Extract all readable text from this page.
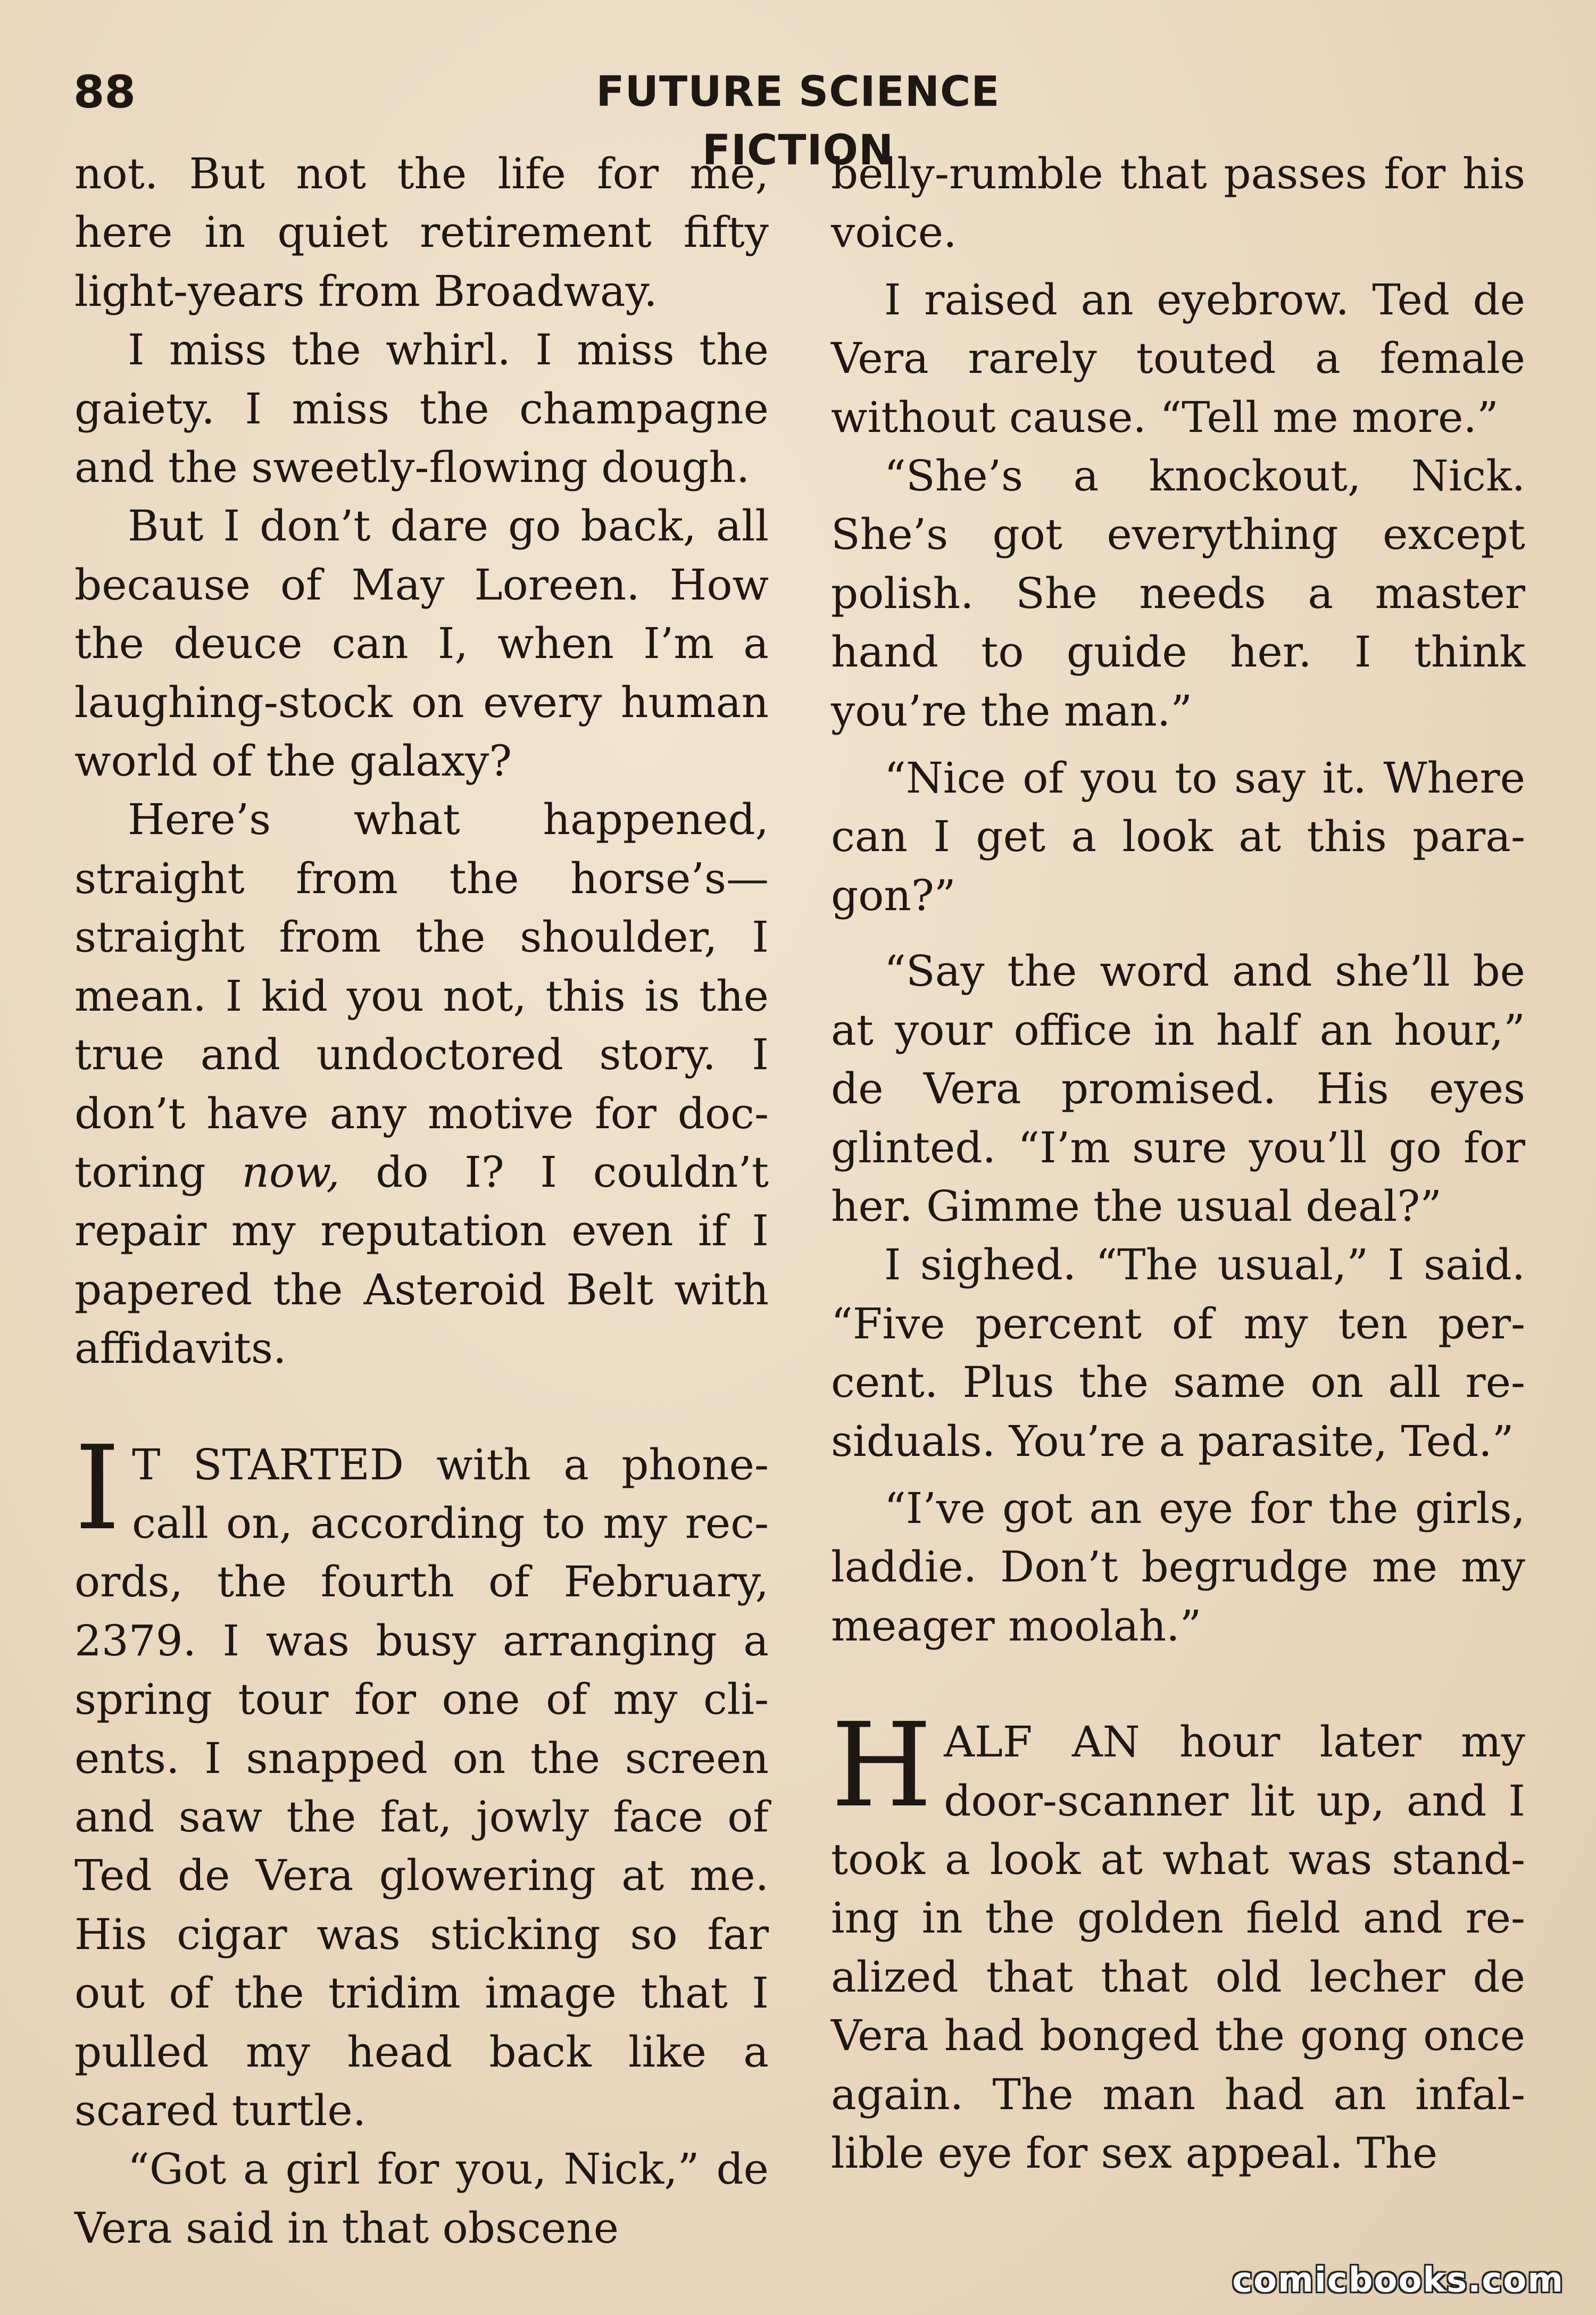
88	FUTURE SCIENCE FICTION

not. But not the life for me, here in quiet retirement fifty light-years from Broadway.

I miss the whirl. I miss the gaiety. I miss the champagne and the sweetly-flowing dough.

But I don’t dare go back, all because of May Loreen. How the deuce can I, when I’m a laughing-stock on every human world of the galaxy?

Here’s what happened, straight from the horse’s—straight from the shoulder, I mean. I kid you not, this is the true and undoctored story. I don’t have any motive for doctoring now, do I? I couldn’t repair my reputation even if I papered the Asteroid Belt with affidavits.

I T STARTED with a phone-call on, according to my records, the fourth of February, 2379. I was busy arranging a spring tour for one of my clients. I snapped on the screen and saw the fat, jowly face of Ted de Vera glowering at me. His cigar was sticking so far out of the tridim image that I pulled my head back like a scared turtle.

“Got a girl for you, Nick,” de Vera said in that obscene

belly-rumble that passes for his voice.

I raised an eyebrow. Ted de Vera rarely touted a female without cause. “Tell me more.”

“She’s a knockout, Nick. She’s got everything except polish. She needs a master hand to guide her. I think you’re the man.”

“Nice of you to say it. Where can I get a look at this paragon?”

“Say the word and she’ll be at your office in half an hour,” de Vera promised. His eyes glinted. “I’m sure you’ll go for her. Gimme the usual deal?”

I sighed. “The usual,” I said. “Five percent of my ten percent. Plus the same on all residuals. You’re a parasite, Ted.”

“I’ve got an eye for the girls, laddie. Don’t begrudge me my meager moolah.”

HALF AN hour later my door-scanner lit up, and I took a look at what was standing in the golden field and realized that that old lecher de Vera had bonged the gong once again. The man had an infallible eye for sex appeal. The

comicbooks.com
